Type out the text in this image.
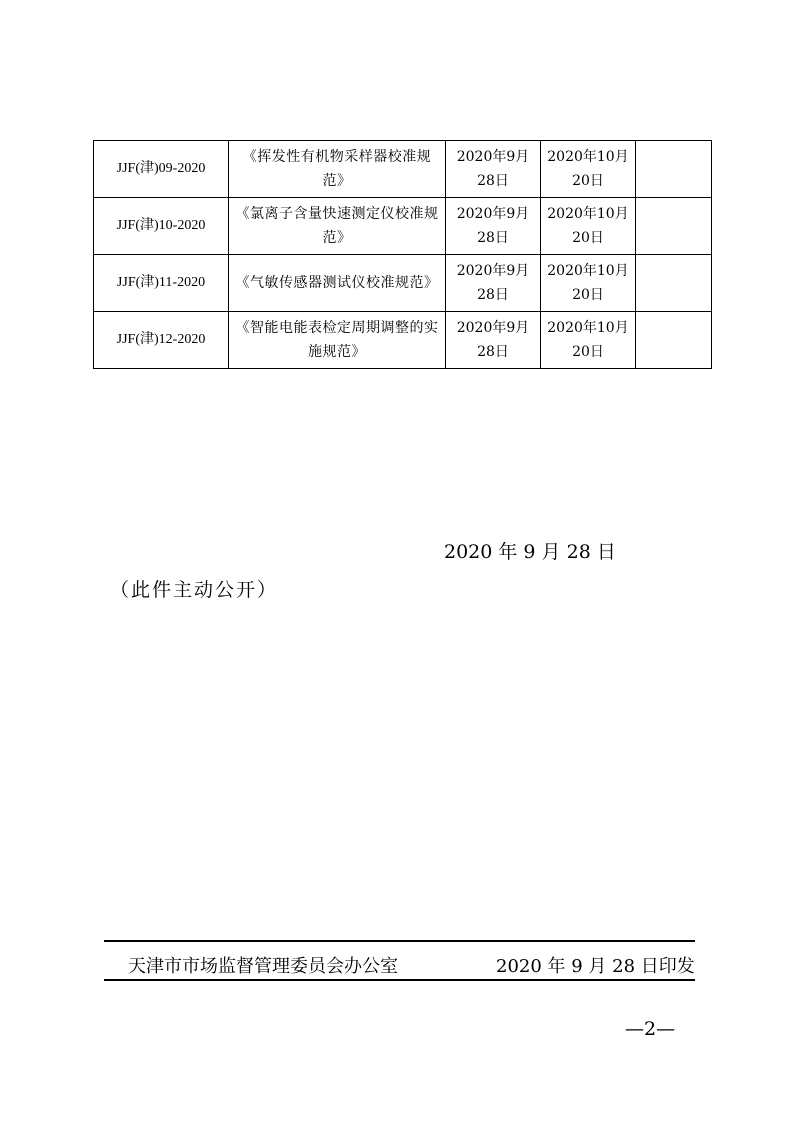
JJF(津)09-2020	《挥发性有机物采样器校准规范》	2020年9月28日	2020年10月20日	
JJF(津)10-2020	《氯离子含量快速测定仪校准规范》	2020年9月28日	2020年10月20日	
JJF(津)11-2020	《气敏传感器测试仪校准规范》	2020年9月28日	2020年10月20日	
JJF(津)12-2020	《智能电能表检定周期调整的实施规范》	2020年9月28日	2020年10月20日	
2020 年 9 月 28 日
（此件主动公开）
天津市市场监督管理委员会办公室	2020 年 9 月 28 日印发
—2—
